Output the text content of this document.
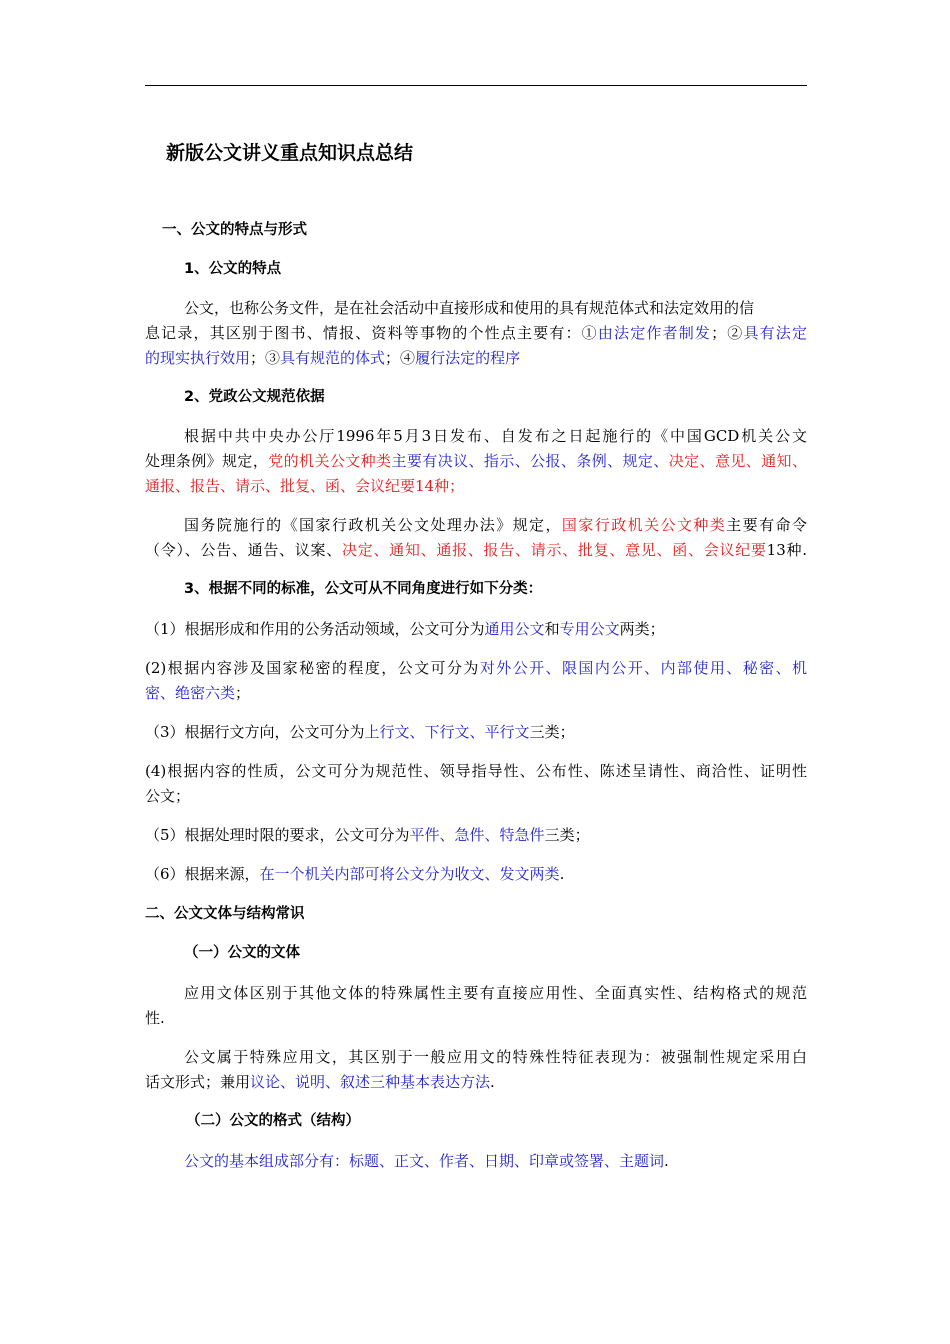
新版公文讲义重点知识点总结
一、公文的特点与形式
1、公文的特点
公文，也称公务文件，是在社会活动中直接形成和使用的具有规范体式和法定效用的信
息记录，其区别于图书、情报、资料等事物的个性点主要有：①由法定作者制发；②具有法定
的现实执行效用；③具有规范的体式；④履行法定的程序
2、党政公文规范依据
根据中共中央办公厅1996年5月3日发布、自发布之日起施行的《中国GCD机关公文
处理条例》规定，党的机关公文种类主要有决议、指示、公报、条例、规定、决定、意见、通知、
通报、报告、请示、批复、函、会议纪要14种；
国务院施行的《国家行政机关公文处理办法》规定，国家行政机关公文种类主要有命令
（令）、公告、通告、议案、决定、通知、通报、报告、请示、批复、意见、函、会议纪要13种.
3、根据不同的标准，公文可从不同角度进行如下分类：
（1）根据形成和作用的公务活动领域，公文可分为通用公文和专用公文两类；
(2)根据内容涉及国家秘密的程度，公文可分为对外公开、限国内公开、内部使用、秘密、机
密、绝密六类；
（3）根据行文方向，公文可分为上行文、下行文、平行文三类；
(4)根据内容的性质，公文可分为规范性、领导指导性、公布性、陈述呈请性、商洽性、证明性
公文；
（5）根据处理时限的要求，公文可分为平件、急件、特急件三类；
（6）根据来源，在一个机关内部可将公文分为收文、发文两类.
二、公文文体与结构常识
（一）公文的文体
应用文体区别于其他文体的特殊属性主要有直接应用性、全面真实性、结构格式的规范
性.
公文属于特殊应用文，其区别于一般应用文的特殊性特征表现为：被强制性规定采用白
话文形式；兼用议论、说明、叙述三种基本表达方法.
（二）公文的格式（结构）
公文的基本组成部分有：标题、正文、作者、日期、印章或签署、主题词.
